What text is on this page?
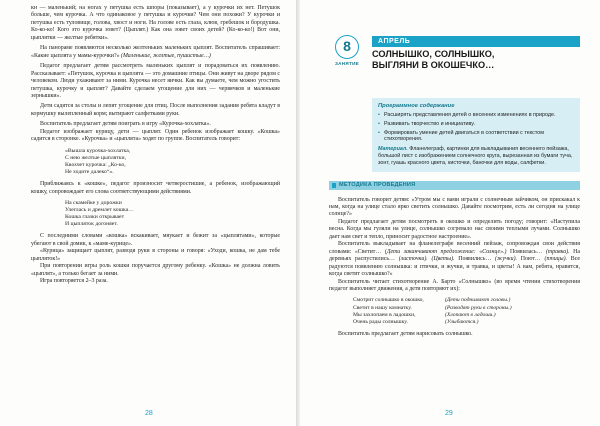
кн — маленький; на ногах у петушка есть шпоры (показывает), а у курочки их нет. Петушок больше, чем курочка. А что одинаковое у петушка и курочки? Чем они похожи? У курочки и петушка есть туловище, голова, хвост и ноги. На голове есть глаза, клюв, гребешок и бородушка. Ко-ко-ко! Кого это курочка зовет? (Цыплят.) Как она зовет своих детей? (Ко-ко-ко!) Вот они, цыплятки — желтые ребятки».

На панораме появляются несколько желтеньких маленьких цыплят. Воспитатель спрашивает: «Какие цыплята у мамы-курочки?» (Маленькие, желтые, пушистые…)

Педагог предлагает детям рассмотреть маленьких цыплят и порадоваться их появлению. Рассказывает: «Петушок, курочка и цыплята — это домашние птицы. Они живут на дворе рядом с человеком. Люди ухаживают за ними. Курочка несет яички. Как вы думаете, чем можно угостить петушка, курочку и цыплят? Давайте сделаем угощение для них — червячков и маленькие зернышки».

Дети садятся за столы и лепят угощение для птиц. После выполнения задания ребята кладут в кормушку вылепленный корм; вытирают салфетками руки.

Воспитатель предлагает детям поиграть в игру «Курочка-хохлатка».

Педагог изображает курицу, дети — цыплят. Один ребенок изображает кошку. «Кошка» садится в сторонке. «Курочка» и «цыплята» ходят по группе. Воспитатель говорит:

«Вышла курочка-хохлатка,
С нею желтые цыплятки,
Квохчет курочка: „Ко-ко,
Не ходите далеко“».

Приближаясь к «кошке», педагог произносит четверостишие, а ребенок, изображающий кошку, сопровождает его слова соответствующими действиями.

На скамейке у дорожки
Улеглась и дремлет кошка…
Кошка глазки открывает
И цыпляток догоняет.

С последними словами «кошка» вскакивает, мяукает и бежит за «цыплятами», которые убегают в свой домик, к «маме-курице».

«Курица» защищает цыплят, разводя руки в стороны и говоря: «Уходи, кошка, не дам тебе цыпляток!»

При повторении игры роль кошки поручается другому ребенку. «Кошка» не должна ловить «цыплят», а только бегает за ними.

Игра повторяется 2–3 раза.

28
8
ЗАНЯТИЕ
АПРЕЛЬ
СОЛНЫШКО, СОЛНЫШКО,
ВЫГЛЯНИ В ОКОШЕЧКО…
Программное содержание
• Расширять представления детей о весенних изменениях в природе.
• Развивать творчество и инициативу.
• Формировать умение детей двигаться в соответствии с текстом стихотворения.
Материал. Фланелеграф, картинки для выкладывания весеннего пейзажа, большой лист с изображением солнечного круга, вырезанная из бумаги туча, зонт, гуашь красного цвета, кисточки, баночки для воды, салфетки.
МЕТОДИКА ПРОВЕДЕНИЯ

Воспитатель говорит детям: «Утром мы с вами играли с солнечным зайчиком, он прискакал к нам, когда на улице стало ярко светить солнышко. Давайте посмотрим, есть ли сегодня на улице солнце?»

Педагог предлагает детям посмотреть в окошко и определить погоду; говорит: «Наступила весна. Когда мы гуляли на улице, солнышко согревало нас своими теплыми лучами. Солнышко дает нам свет и тепло, приносит радостное настроение».

Воспитатель выкладывает на фланелеграфе весенний пейзаж, сопровождая свои действия словами: «Светит… (Дети заканчивают предложение: «Солнце».) Появилась… (травка). На деревьях распустились… (листочки). (Цветы). Появились… (жучки). Поют… (птицы). Все радуются появлению солнышка: и птички, и жучки, и травка, и цветы! А вам, ребята, нравится, когда светит солнышко?»

Воспитатель читает стихотворение А. Барто «Солнышко» (во время чтения стихотворения педагог выполняет движения, а дети повторяют их):

Смотрит солнышко в окошко,	(Дети поднимают головы.)
Светит в нашу комнатку.	(Разводят руки в стороны.)
Мы захлопаем в ладошки,	(Хлопают в ладоши.)
Очень рады солнышку.	(Улыбаются.)

Воспитатель предлагает детям нарисовать солнышко.

29
